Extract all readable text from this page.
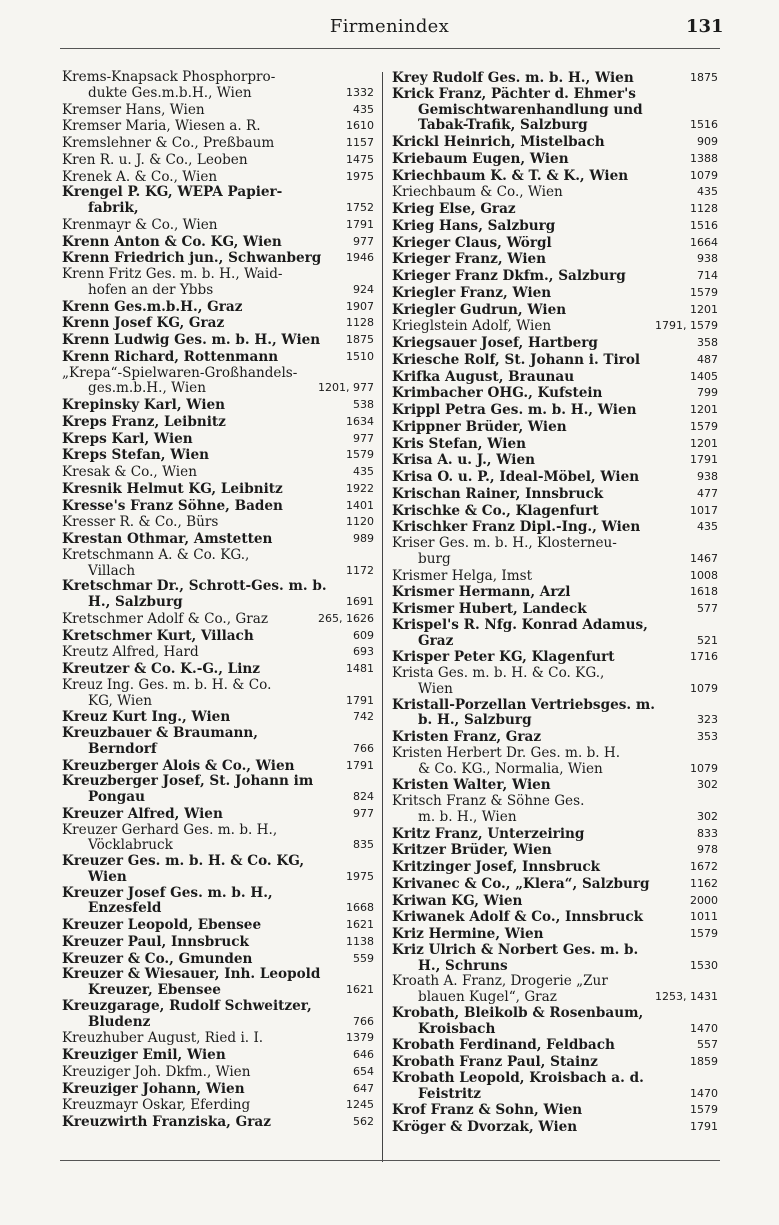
Firmenindex	131
Krems-Knapsack Phosphorpro-
dukte Ges.m.b.H., Wien	1332
Kremser Hans, Wien	435
Kremser Maria, Wiesen a. R.	1610
Kremslehner & Co., Preßbaum	1157
Kren R. u. J. & Co., Leoben	1475
Krenek A. & Co., Wien	1975
Krengel P. KG, WEPA Papier-
fabrik,	1752
Krenmayr & Co., Wien	1791
Krenn Anton & Co. KG, Wien	977
Krenn Friedrich jun., Schwanberg	1946
Krenn Fritz Ges. m. b. H., Waid-
hofen an der Ybbs	924
Krenn Ges.m.b.H., Graz	1907
Krenn Josef KG, Graz	1128
Krenn Ludwig Ges. m. b. H., Wien	1875
Krenn Richard, Rottenmann	1510
„Krepa“-Spielwaren-Großhandels-
ges.m.b.H., Wien	1201, 977
Krepinsky Karl, Wien	538
Kreps Franz, Leibnitz	1634
Kreps Karl, Wien	977
Kreps Stefan, Wien	1579
Kresak & Co., Wien	435
Kresnik Helmut KG, Leibnitz	1922
Kresse's Franz Söhne, Baden	1401
Kresser R. & Co., Bürs	1120
Krestan Othmar, Amstetten	989
Kretschmann A. & Co. KG.,
Villach	1172
Kretschmar Dr., Schrott-Ges. m. b.
H., Salzburg	1691
Kretschmer Adolf & Co., Graz	265, 1626
Kretschmer Kurt, Villach	609
Kreutz Alfred, Hard	693
Kreutzer & Co. K.-G., Linz	1481
Kreuz Ing. Ges. m. b. H. & Co.
KG, Wien	1791
Kreuz Kurt Ing., Wien	742
Kreuzbauer & Braumann,
Berndorf	766
Kreuzberger Alois & Co., Wien	1791
Kreuzberger Josef, St. Johann im
Pongau	824
Kreuzer Alfred, Wien	977
Kreuzer Gerhard Ges. m. b. H.,
Vöcklabruck	835
Kreuzer Ges. m. b. H. & Co. KG,
Wien	1975
Kreuzer Josef Ges. m. b. H.,
Enzesfeld	1668
Kreuzer Leopold, Ebensee	1621
Kreuzer Paul, Innsbruck	1138
Kreuzer & Co., Gmunden	559
Kreuzer & Wiesauer, Inh. Leopold
Kreuzer, Ebensee	1621
Kreuzgarage, Rudolf Schweitzer,
Bludenz	766
Kreuzhuber August, Ried i. I.	1379
Kreuziger Emil, Wien	646
Kreuziger Joh. Dkfm., Wien	654
Kreuziger Johann, Wien	647
Kreuzmayr Oskar, Eferding	1245
Kreuzwirth Franziska, Graz	562
Krey Rudolf Ges. m. b. H., Wien	1875
Krick Franz, Pächter d. Ehmer's
Gemischtwarenhandlung und
Tabak-Trafik, Salzburg	1516
Krickl Heinrich, Mistelbach	909
Kriebaum Eugen, Wien	1388
Kriechbaum K. & T. & K., Wien	1079
Kriechbaum & Co., Wien	435
Krieg Else, Graz	1128
Krieg Hans, Salzburg	1516
Krieger Claus, Wörgl	1664
Krieger Franz, Wien	938
Krieger Franz Dkfm., Salzburg	714
Kriegler Franz, Wien	1579
Kriegler Gudrun, Wien	1201
Krieglstein Adolf, Wien	1791, 1579
Kriegsauer Josef, Hartberg	358
Kriesche Rolf, St. Johann i. Tirol	487
Krifka August, Braunau	1405
Krimbacher OHG., Kufstein	799
Krippl Petra Ges. m. b. H., Wien	1201
Krippner Brüder, Wien	1579
Kris Stefan, Wien	1201
Krisa A. u. J., Wien	1791
Krisa O. u. P., Ideal-Möbel, Wien	938
Krischan Rainer, Innsbruck	477
Krischke & Co., Klagenfurt	1017
Krischker Franz Dipl.-Ing., Wien	435
Kriser Ges. m. b. H., Klosterneu-
burg	1467
Krismer Helga, Imst	1008
Krismer Hermann, Arzl	1618
Krismer Hubert, Landeck	577
Krispel's R. Nfg. Konrad Adamus,
Graz	521
Krisper Peter KG, Klagenfurt	1716
Krista Ges. m. b. H. & Co. KG.,
Wien	1079
Kristall-Porzellan Vertriebsges. m.
b. H., Salzburg	323
Kristen Franz, Graz	353
Kristen Herbert Dr. Ges. m. b. H.
& Co. KG., Normalia, Wien	1079
Kristen Walter, Wien	302
Kritsch Franz & Söhne Ges.
m. b. H., Wien	302
Kritz Franz, Unterzeiring	833
Kritzer Brüder, Wien	978
Kritzinger Josef, Innsbruck	1672
Krivanec & Co., „Klera“, Salzburg	1162
Kriwan KG, Wien	2000
Kriwanek Adolf & Co., Innsbruck	1011
Kriz Hermine, Wien	1579
Kriz Ulrich & Norbert Ges. m. b.
H., Schruns	1530
Kroath A. Franz, Drogerie „Zur
blauen Kugel“, Graz	1253, 1431
Krobath, Bleikolb & Rosenbaum,
Kroisbach	1470
Krobath Ferdinand, Feldbach	557
Krobath Franz Paul, Stainz	1859
Krobath Leopold, Kroisbach a. d.
Feistritz	1470
Krof Franz & Sohn, Wien	1579
Kröger & Dvorzak, Wien	1791
